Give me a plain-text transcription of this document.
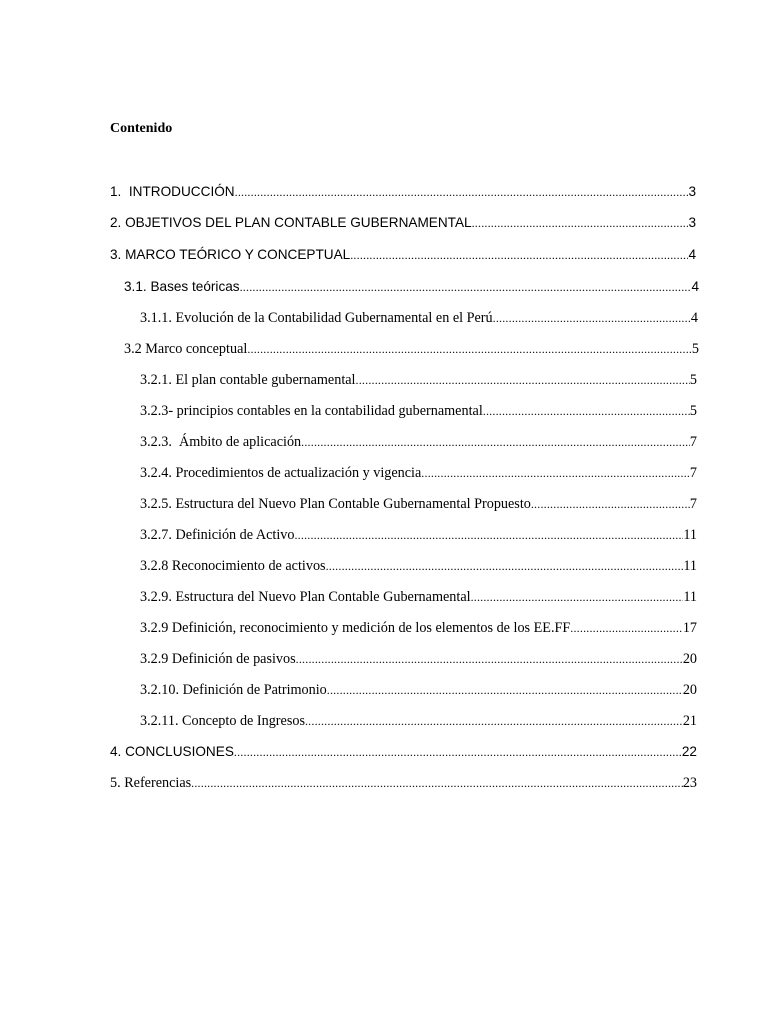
Contenido
1.  INTRODUCCIÓN .....	3
2. OBJETIVOS DEL PLAN CONTABLE GUBERNAMENTAL .....	3
3. MARCO TEÓRICO Y CONCEPTUAL .....	4
3.1. Bases teóricas .....	4
3.1.1. Evolución de la Contabilidad Gubernamental en el Perú .....	4
3.2 Marco conceptual .....	5
3.2.1. El plan contable gubernamental .....	5
3.2.3- principios contables en la contabilidad gubernamental .....	5
3.2.3.  Ámbito de aplicación .....	7
3.2.4. Procedimientos de actualización y vigencia .....	7
3.2.5. Estructura del Nuevo Plan Contable Gubernamental Propuesto .....	7
3.2.7. Definición de Activo .....	11
3.2.8 Reconocimiento de activos .....	11
3.2.9. Estructura del Nuevo Plan Contable Gubernamental .....	11
3.2.9 Definición, reconocimiento y medición de los elementos de los EE.FF .....	17
3.2.9 Definición de pasivos .....	20
3.2.10. Definición de Patrimonio .....	20
3.2.11. Concepto de Ingresos .....	21
4. CONCLUSIONES .....	22
5. Referencias .....	23
